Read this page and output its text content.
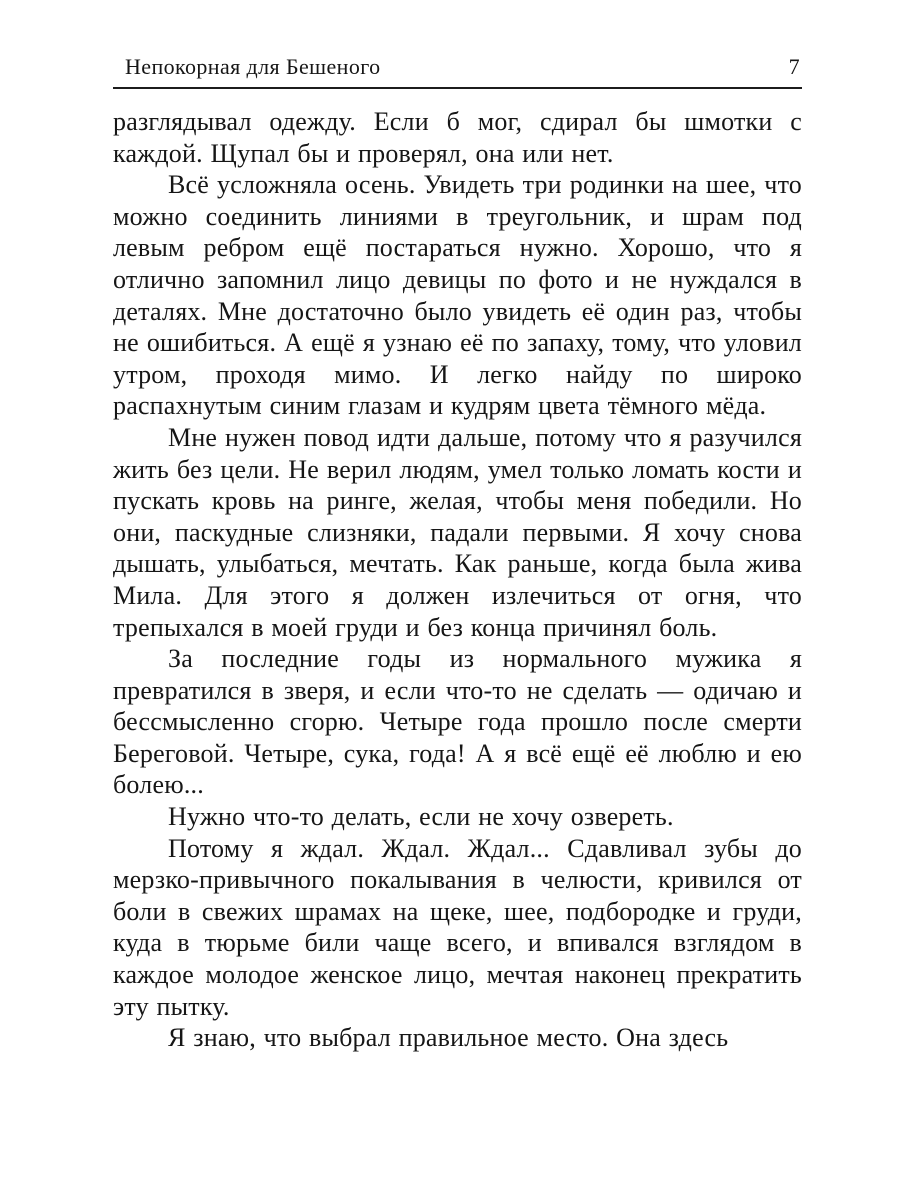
Непокорная для Бешеного	7

разглядывал одежду. Если б мог, сдирал бы шмотки с каждой. Щупал бы и проверял, она или нет.

Всё усложняла осень. Увидеть три родинки на шее, что можно соединить линиями в треугольник, и шрам под левым ребром ещё постараться нужно. Хорошо, что я отлично запомнил лицо девицы по фото и не нуждался в деталях. Мне достаточно было увидеть её один раз, чтобы не ошибиться. А ещё я узнаю её по запаху, тому, что уловил утром, проходя мимо. И легко найду по широко распахнутым синим глазам и кудрям цвета тёмного мёда.

Мне нужен повод идти дальше, потому что я разучился жить без цели. Не верил людям, умел только ломать кости и пускать кровь на ринге, желая, чтобы меня победили. Но они, паскудные слизняки, падали первыми. Я хочу снова дышать, улыбаться, мечтать. Как раньше, когда была жива Мила. Для этого я должен излечиться от огня, что трепыхался в моей груди и без конца причинял боль.

За последние годы из нормального мужика я превратился в зверя, и если что-то не сделать — одичаю и бессмысленно сгорю. Четыре года прошло после смерти Береговой. Четыре, сука, года! А я всё ещё её люблю и ею болею...

Нужно что-то делать, если не хочу озвереть.

Потому я ждал. Ждал. Ждал... Сдавливал зубы до мерзко-привычного покалывания в челюсти, кривился от боли в свежих шрамах на щеке, шее, подбородке и груди, куда в тюрьме били чаще всего, и впивался взглядом в каждое молодое женское лицо, мечтая наконец прекратить эту пытку.

Я знаю, что выбрал правильное место. Она здесь
